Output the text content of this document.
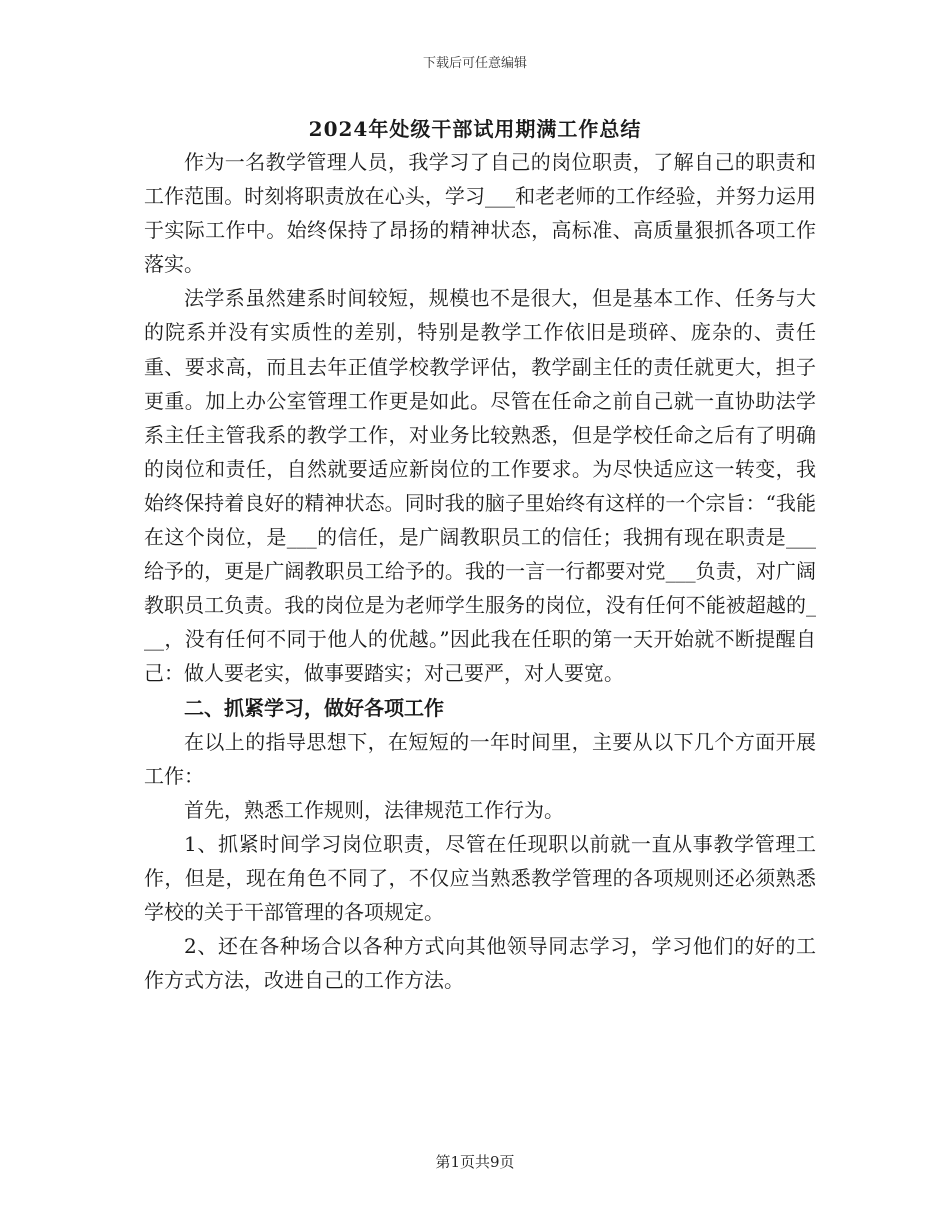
下载后可任意编辑
2024年处级干部试用期满工作总结

作为一名教学管理人员，我学习了自己的岗位职责，了解自己的职责和工作范围。时刻将职责放在心头，学习___和老老师的工作经验，并努力运用于实际工作中。始终保持了昂扬的精神状态，高标准、高质量狠抓各项工作落实。

法学系虽然建系时间较短，规模也不是很大，但是基本工作、任务与大的院系并没有实质性的差别，特别是教学工作依旧是琐碎、庞杂的、责任重、要求高，而且去年正值学校教学评估，教学副主任的责任就更大，担子更重。加上办公室管理工作更是如此。尽管在任命之前自己就一直协助法学系主任主管我系的教学工作，对业务比较熟悉，但是学校任命之后有了明确的岗位和责任，自然就要适应新岗位的工作要求。为尽快适应这一转变，我始终保持着良好的精神状态。同时我的脑子里始终有这样的一个宗旨：“我能在这个岗位，是___的信任，是广阔教职员工的信任；我拥有现在职责是___给予的，更是广阔教职员工给予的。我的一言一行都要对党___负责，对广阔教职员工负责。我的岗位是为老师学生服务的岗位，没有任何不能被超越的___，没有任何不同于他人的优越。”因此我在任职的第一天开始就不断提醒自己：做人要老实，做事要踏实；对己要严，对人要宽。

二、抓紧学习，做好各项工作

在以上的指导思想下，在短短的一年时间里，主要从以下几个方面开展工作：

首先，熟悉工作规则，法律规范工作行为。

1、抓紧时间学习岗位职责，尽管在任现职以前就一直从事教学管理工作，但是，现在角色不同了，不仅应当熟悉教学管理的各项规则还必须熟悉学校的关于干部管理的各项规定。

2、还在各种场合以各种方式向其他领导同志学习，学习他们的好的工作方式方法，改进自己的工作方法。

第1页共9页
